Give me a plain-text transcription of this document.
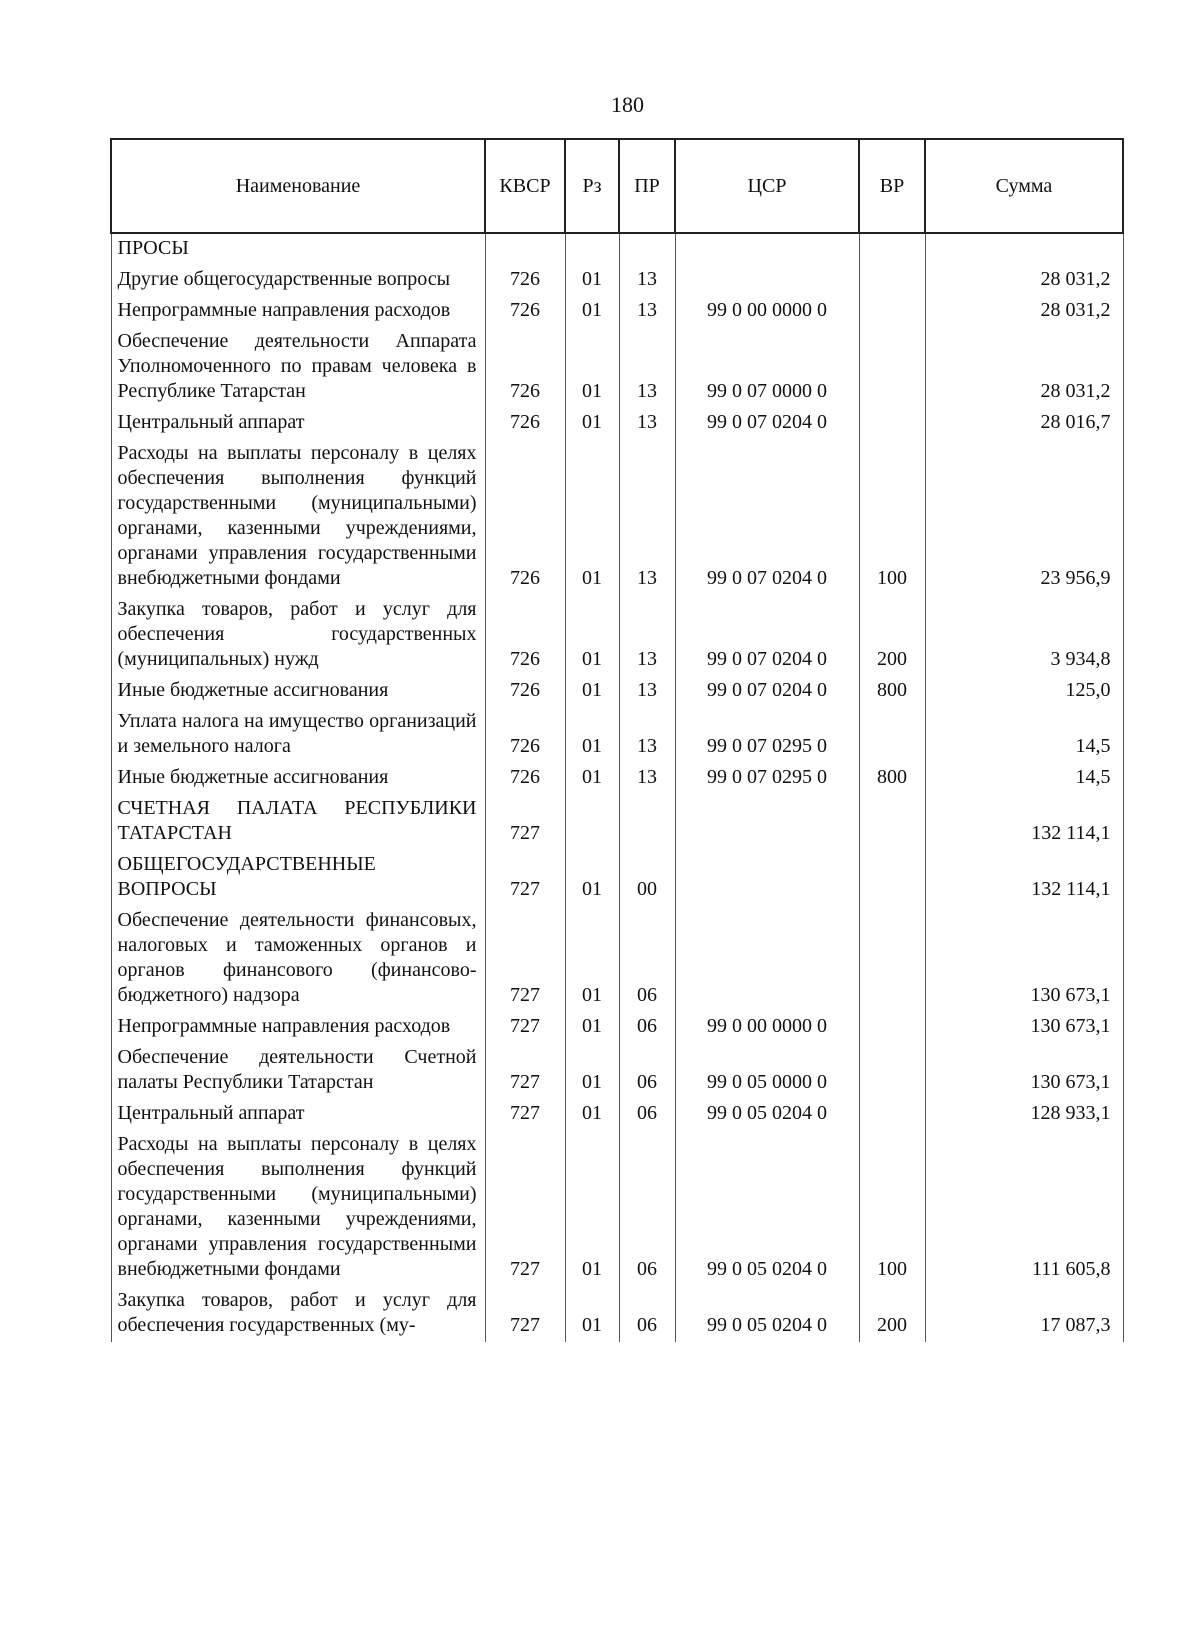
180
Наименование	КВСР	Рз	ПР	ЦСР	ВР	Сумма
ПРОСЫ						
Другие общегосударственные вопросы	726	01	13			28 031,2
Непрограммные направления расходов	726	01	13	99 0 00 0000 0		28 031,2
Обеспечение деятельности Аппарата Уполномоченного по правам человека в Республике Татарстан	726	01	13	99 0 07 0000 0		28 031,2
Центральный аппарат	726	01	13	99 0 07 0204 0		28 016,7
Расходы на выплаты персоналу в целях обеспечения выполнения функций государственными (муниципальными) органами, казенными учреждениями, органами управления государственными внебюджетными фондами	726	01	13	99 0 07 0204 0	100	23 956,9
Закупка товаров, работ и услуг для обеспечения государственных (муниципальных) нужд	726	01	13	99 0 07 0204 0	200	3 934,8
Иные бюджетные ассигнования	726	01	13	99 0 07 0204 0	800	125,0
Уплата налога на имущество организаций и земельного налога	726	01	13	99 0 07 0295 0		14,5
Иные бюджетные ассигнования	726	01	13	99 0 07 0295 0	800	14,5
СЧЕТНАЯ ПАЛАТА РЕСПУБЛИКИ ТАТАРСТАН	727					132 114,1
ОБЩЕГОСУДАРСТВЕННЫЕ ВОПРОСЫ	727	01	00			132 114,1
Обеспечение деятельности финансовых, налоговых и таможенных органов и органов финансового (финансово-бюджетного) надзора	727	01	06			130 673,1
Непрограммные направления расходов	727	01	06	99 0 00 0000 0		130 673,1
Обеспечение деятельности Счетной палаты Республики Татарстан	727	01	06	99 0 05 0000 0		130 673,1
Центральный аппарат	727	01	06	99 0 05 0204 0		128 933,1
Расходы на выплаты персоналу в целях обеспечения выполнения функций государственными (муниципальными) органами, казенными учреждениями, органами управления государственными внебюджетными фондами	727	01	06	99 0 05 0204 0	100	111 605,8
Закупка товаров, работ и услуг для обеспечения государственных (му-	727	01	06	99 0 05 0204 0	200	17 087,3
